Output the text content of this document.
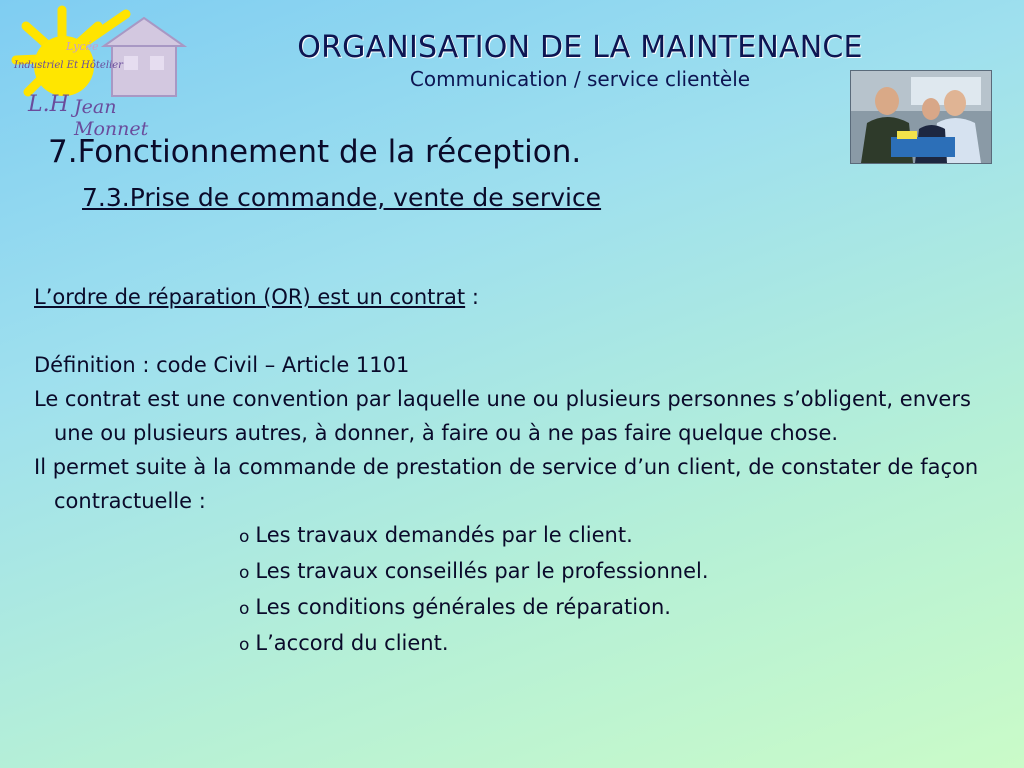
Lycée
Industriel Et Hôtelier
L.H Jean Monnet
ORGANISATION DE LA MAINTENANCE
Communication / service clientèle
7.Fonctionnement de la réception.
7.3.Prise de commande, vente de service
L’ordre de réparation (OR) est un contrat :
Définition : code Civil – Article 1101
Le contrat est une convention par laquelle une ou plusieurs personnes s’obligent, envers une ou plusieurs autres, à donner, à faire ou à ne pas faire quelque chose.
Il permet suite à la commande de prestation de service d’un client, de constater de façon contractuelle :
o Les travaux demandés par le client.
o Les travaux conseillés par le professionnel.
o Les conditions générales de réparation.
o L’accord du client.
